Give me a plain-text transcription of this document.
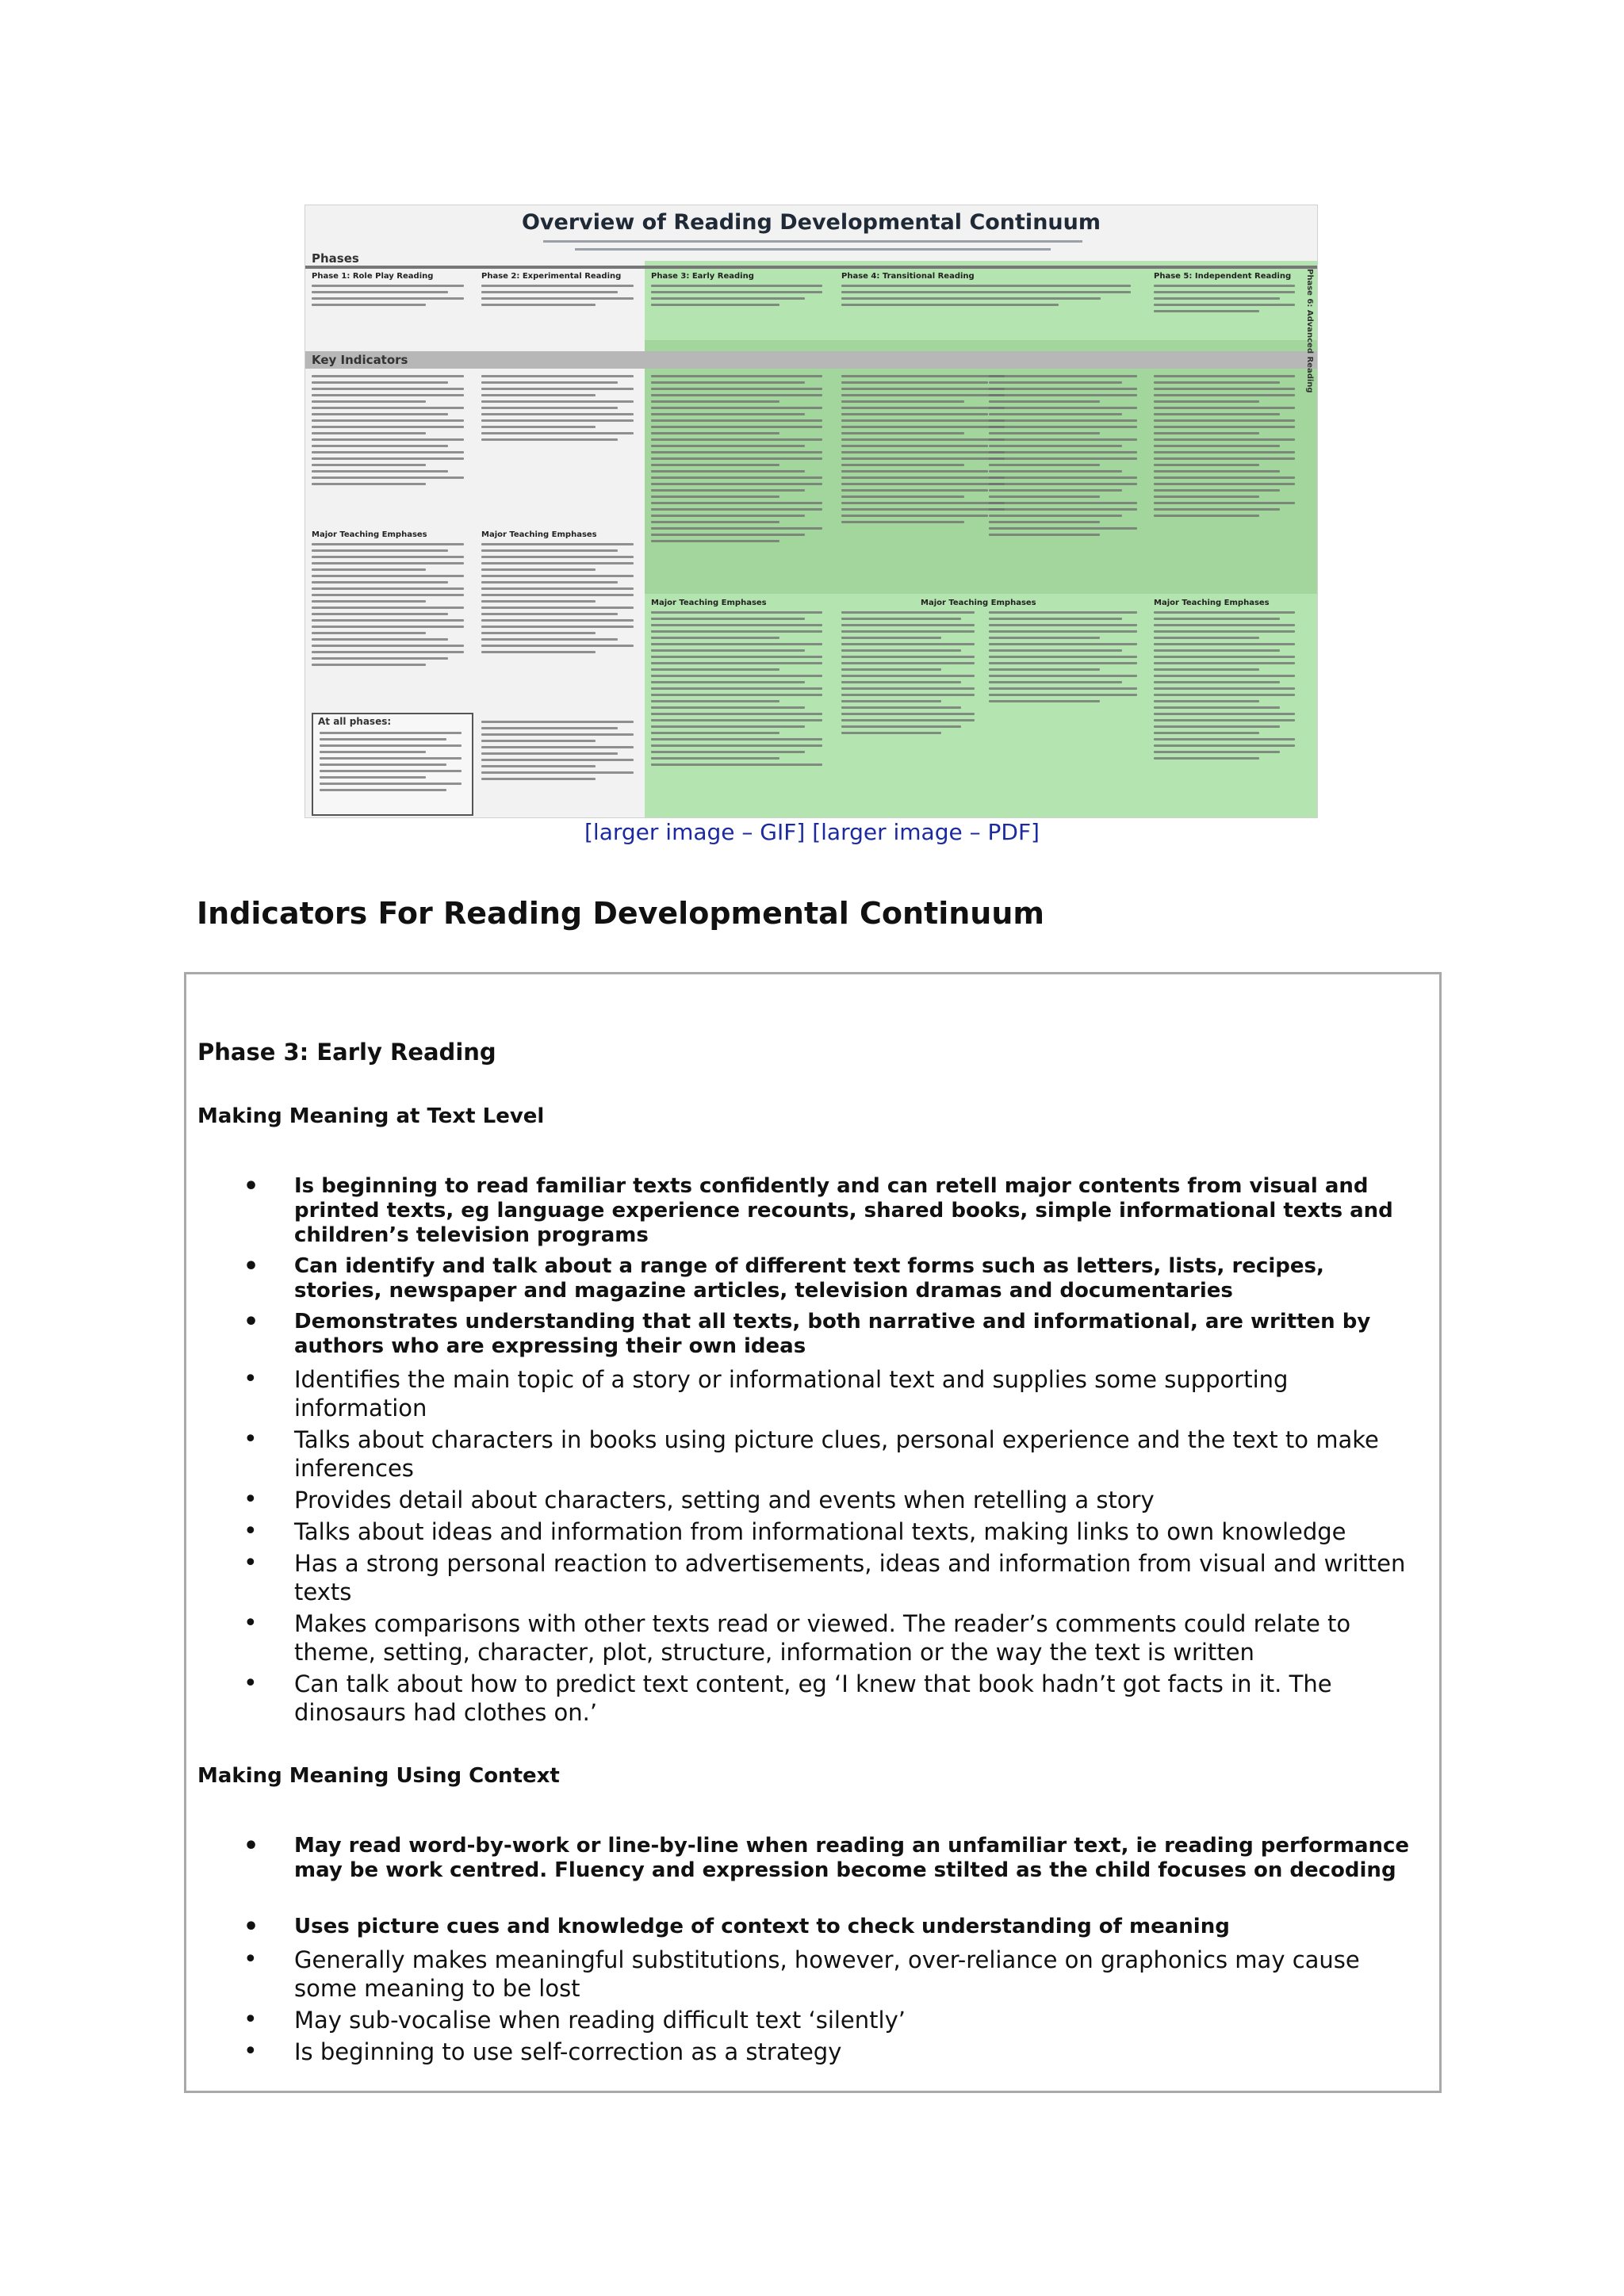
Overview of Reading Developmental Continuum
Phases
Phase 1: Role Play Reading	Phase 2: Experimental Reading	Phase 3: Early Reading	Phase 4: Transitional Reading	Phase 5: Independent Reading
Key Indicators
Major Teaching Emphases	Major Teaching Emphases
At all phases:
Major Teaching Emphases	Major Teaching Emphases	Major Teaching Emphases
Phase 6: Advanced Reading
[larger image – GIF] [larger image – PDF]
Indicators For Reading Developmental Continuum
Phase 3: Early Reading
Making Meaning at Text Level
• Is beginning to read familiar texts confidently and can retell major contents from visual and printed texts, eg language experience recounts, shared books, simple informational texts and children’s television programs
• Can identify and talk about a range of different text forms such as letters, lists, recipes, stories, newspaper and magazine articles, television dramas and documentaries
• Demonstrates understanding that all texts, both narrative and informational, are written by authors who are expressing their own ideas
• Identifies the main topic of a story or informational text and supplies some supporting information
• Talks about characters in books using picture clues, personal experience and the text to make inferences
• Provides detail about characters, setting and events when retelling a story
• Talks about ideas and information from informational texts, making links to own knowledge
• Has a strong personal reaction to advertisements, ideas and information from visual and written texts
• Makes comparisons with other texts read or viewed. The reader’s comments could relate to theme, setting, character, plot, structure, information or the way the text is written
• Can talk about how to predict text content, eg ‘I knew that book hadn’t got facts in it. The dinosaurs had clothes on.’
Making Meaning Using Context
• May read word-by-work or line-by-line when reading an unfamiliar text, ie reading performance may be work centred. Fluency and expression become stilted as the child focuses on decoding
• Uses picture cues and knowledge of context to check understanding of meaning
• Generally makes meaningful substitutions, however, over-reliance on graphonics may cause some meaning to be lost
• May sub-vocalise when reading difficult text ‘silently’
• Is beginning to use self-correction as a strategy
